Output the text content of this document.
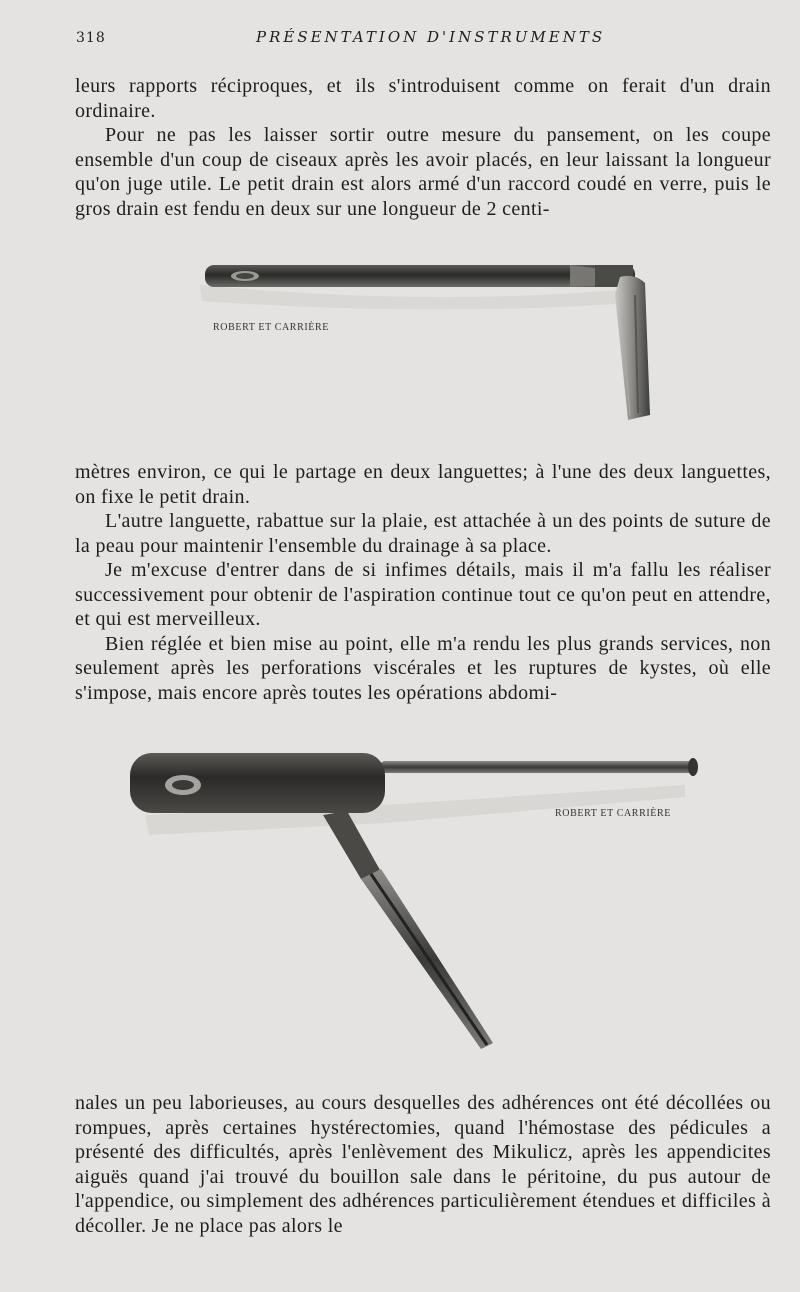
318	PRÉSENTATION D'INSTRUMENTS

leurs rapports réciproques, et ils s'introduisent comme on ferait d'un drain ordinaire.

Pour ne pas les laisser sortir outre mesure du pansement, on les coupe ensemble d'un coup de ciseaux après les avoir placés, en leur laissant la longueur qu'on juge utile. Le petit drain est alors armé d'un raccord coudé en verre, puis le gros drain est fendu en deux sur une longueur de 2 centi-

ROBERT ET CARRIÈRE

mètres environ, ce qui le partage en deux languettes; à l'une des deux languettes, on fixe le petit drain.

L'autre languette, rabattue sur la plaie, est attachée à un des points de suture de la peau pour maintenir l'ensemble du drainage à sa place.

Je m'excuse d'entrer dans de si infimes détails, mais il m'a fallu les réaliser successivement pour obtenir de l'aspiration continue tout ce qu'on peut en attendre, et qui est merveilleux.

Bien réglée et bien mise au point, elle m'a rendu les plus grands services, non seulement après les perforations viscérales et les ruptures de kystes, où elle s'impose, mais encore après toutes les opérations abdomi-

ROBERT ET CARRIÈRE

nales un peu laborieuses, au cours desquelles des adhérences ont été décollées ou rompues, après certaines hystérectomies, quand l'hémostase des pédicules a présenté des difficultés, après l'enlèvement des Mikulicz, après les appendicites aiguës quand j'ai trouvé du bouillon sale dans le péritoine, du pus autour de l'appendice, ou simplement des adhérences particulièrement étendues et difficiles à décoller. Je ne place pas alors le
